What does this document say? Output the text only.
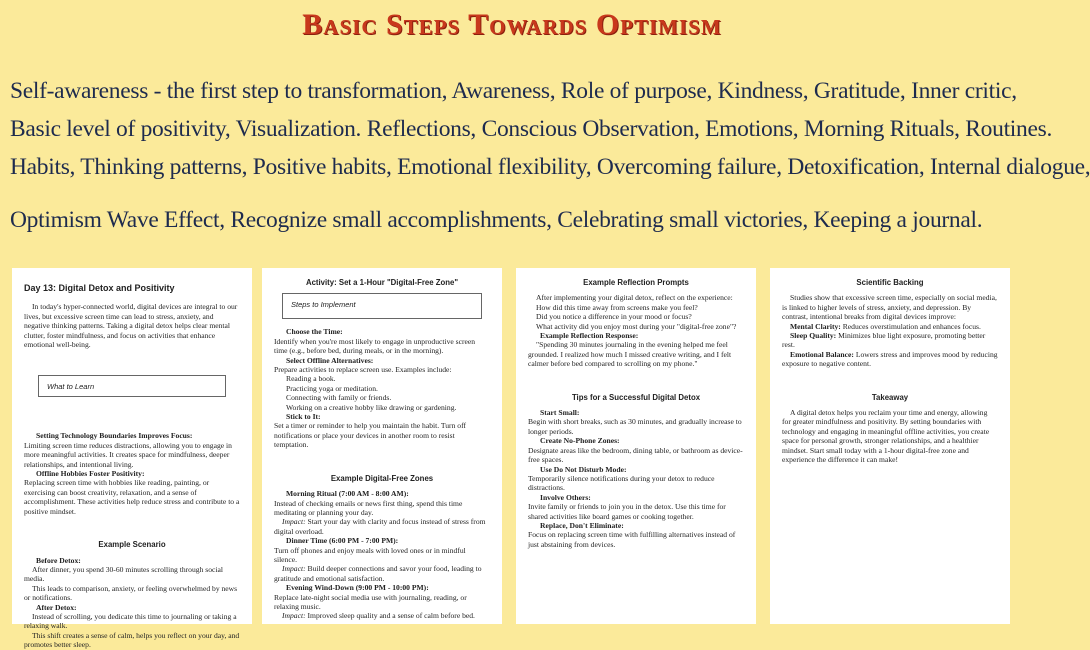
Basic Steps Towards Optimism

Self-awareness - the first step to transformation, Awareness, Role of purpose, Kindness, Gratitude, Inner critic,

Basic level of positivity, Visualization. Reflections, Conscious Observation, Emotions, Morning Rituals, Routines.

Habits, Thinking patterns, Positive habits, Emotional flexibility, Overcoming failure, Detoxification, Internal dialogue,

Optimism Wave Effect, Recognize small accomplishments, Celebrating small victories, Keeping a journal.

Day 13: Digital Detox and Positivity

In today's hyper-connected world, digital devices are integral to our lives, but excessive screen time can lead to stress, anxiety, and negative thinking patterns. Taking a digital detox helps clear mental clutter, foster mindfulness, and focus on activities that enhance emotional well-being.

What to Learn

Setting Technology Boundaries Improves Focus:

Limiting screen time reduces distractions, allowing you to engage in more meaningful activities. It creates space for mindfulness, deeper relationships, and intentional living.

Offline Hobbies Foster Positivity:

Replacing screen time with hobbies like reading, painting, or exercising can boost creativity, relaxation, and a sense of accomplishment. These activities help reduce stress and contribute to a positive mindset.

Example Scenario

Before Detox:

After dinner, you spend 30-60 minutes scrolling through social media.

This leads to comparison, anxiety, or feeling overwhelmed by news or notifications.

After Detox:

Instead of scrolling, you dedicate this time to journaling or taking a relaxing walk.

This shift creates a sense of calm, helps you reflect on your day, and promotes better sleep.

Activity: Set a 1-Hour "Digital-Free Zone"
Steps to Implement

Choose the Time:

Identify when you're most likely to engage in unproductive screen time (e.g., before bed, during meals, or in the morning).

Select Offline Alternatives:

Prepare activities to replace screen use. Examples include:

Reading a book.

Practicing yoga or meditation.

Connecting with family or friends.

Working on a creative hobby like drawing or gardening.

Stick to It:

Set a timer or reminder to help you maintain the habit. Turn off notifications or place your devices in another room to resist temptation.

Example Digital-Free Zones

Morning Ritual (7:00 AM - 8:00 AM):

Instead of checking emails or news first thing, spend this time meditating or planning your day.

Impact: Start your day with clarity and focus instead of stress from digital overload.

Dinner Time (6:00 PM - 7:00 PM):

Turn off phones and enjoy meals with loved ones or in mindful silence.

Impact: Build deeper connections and savor your food, leading to gratitude and emotional satisfaction.

Evening Wind-Down (9:00 PM - 10:00 PM):

Replace late-night social media use with journaling, reading, or relaxing music.

Impact: Improved sleep quality and a sense of calm before bed.

Example Reflection Prompts

After implementing your digital detox, reflect on the experience:

How did this time away from screens make you feel?

Did you notice a difference in your mood or focus?

What activity did you enjoy most during your "digital-free zone"?

Example Reflection Response:

"Spending 30 minutes journaling in the evening helped me feel grounded. I realized how much I missed creative writing, and I felt calmer before bed compared to scrolling on my phone."

Tips for a Successful Digital Detox

Start Small:

Begin with short breaks, such as 30 minutes, and gradually increase to longer periods.

Create No-Phone Zones:

Designate areas like the bedroom, dining table, or bathroom as device-free spaces.

Use Do Not Disturb Mode:

Temporarily silence notifications during your detox to reduce distractions.

Involve Others:

Invite family or friends to join you in the detox. Use this time for shared activities like board games or cooking together.

Replace, Don't Eliminate:

Focus on replacing screen time with fulfilling alternatives instead of just abstaining from devices.

Scientific Backing

Studies show that excessive screen time, especially on social media, is linked to higher levels of stress, anxiety, and depression. By contrast, intentional breaks from digital devices improve:

Mental Clarity: Reduces overstimulation and enhances focus.

Sleep Quality: Minimizes blue light exposure, promoting better rest.

Emotional Balance: Lowers stress and improves mood by reducing exposure to negative content.

Takeaway

A digital detox helps you reclaim your time and energy, allowing for greater mindfulness and positivity. By setting boundaries with technology and engaging in meaningful offline activities, you create space for personal growth, stronger relationships, and a healthier mindset. Start small today with a 1-hour digital-free zone and experience the difference it can make!
